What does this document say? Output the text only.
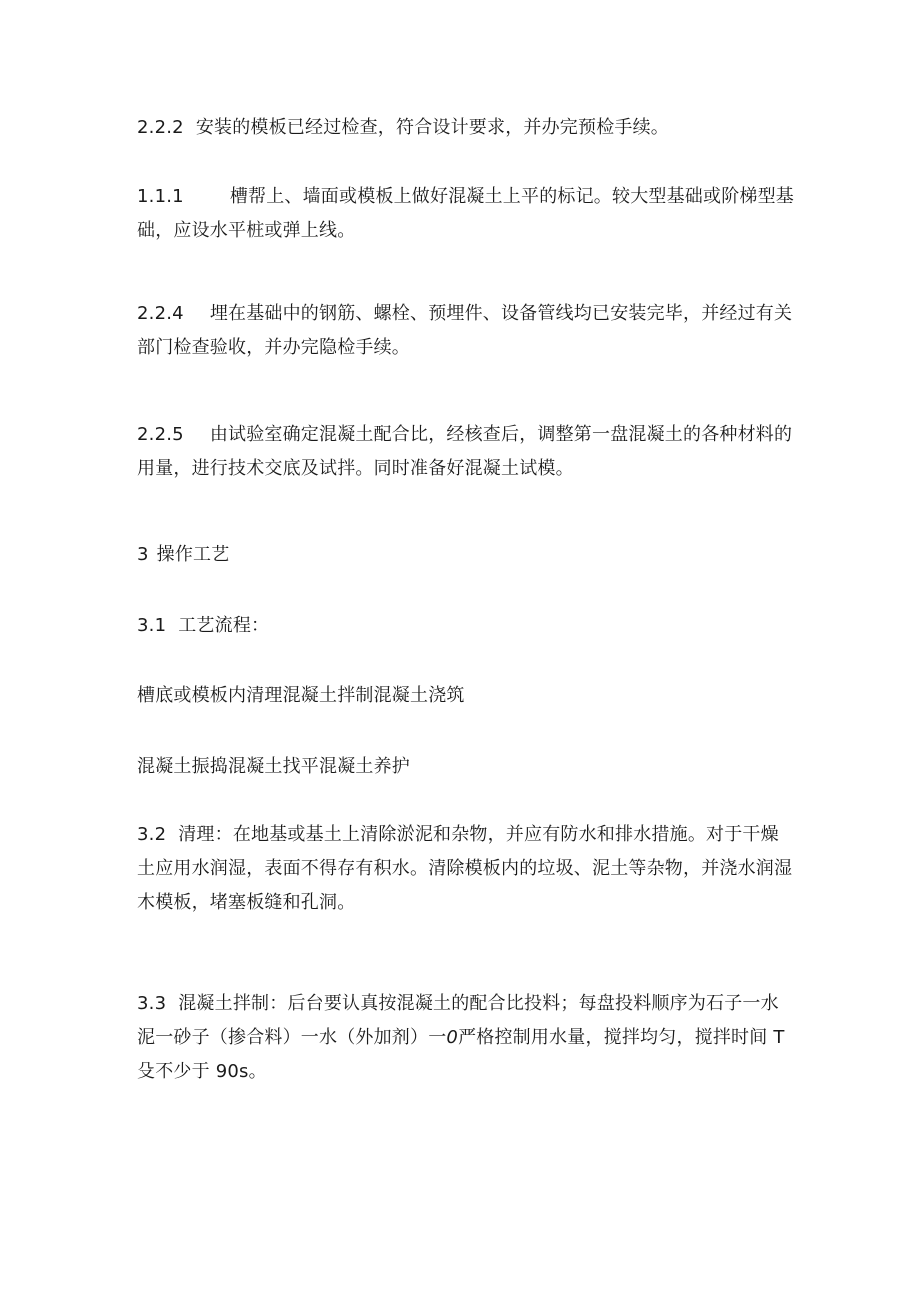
2.2.2 安装的模板已经过检查，符合设计要求，并办完预检手续。

1.1.1	槽帮上、墙面或模板上做好混凝土上平的标记。较大型基础或阶梯型基础，应设水平桩或弹上线。

2.2.4 埋在基础中的钢筋、螺栓、预埋件、设备管线均已安装完毕，并经过有关部门检查验收，并办完隐检手续。

2.2.5 由试验室确定混凝土配合比，经核查后，调整第一盘混凝土的各种材料的用量，进行技术交底及试拌。同时准备好混凝土试模。

3 操作工艺

3.1 工艺流程：

槽底或模板内清理混凝土拌制混凝土浇筑

混凝土振捣混凝土找平混凝土养护

3.2 清理：在地基或基土上清除淤泥和杂物，并应有防水和排水措施。对于干燥土应用水润湿，表面不得存有积水。清除模板内的垃圾、泥土等杂物，并浇水润湿木模板，堵塞板缝和孔洞。

3.3 混凝土拌制：后台要认真按混凝土的配合比投料；每盘投料顺序为石子一水泥一砂子（掺合料）一水（外加剂）一0严格控制用水量，搅拌均匀，搅拌时间 T 殳不少于 90s。
